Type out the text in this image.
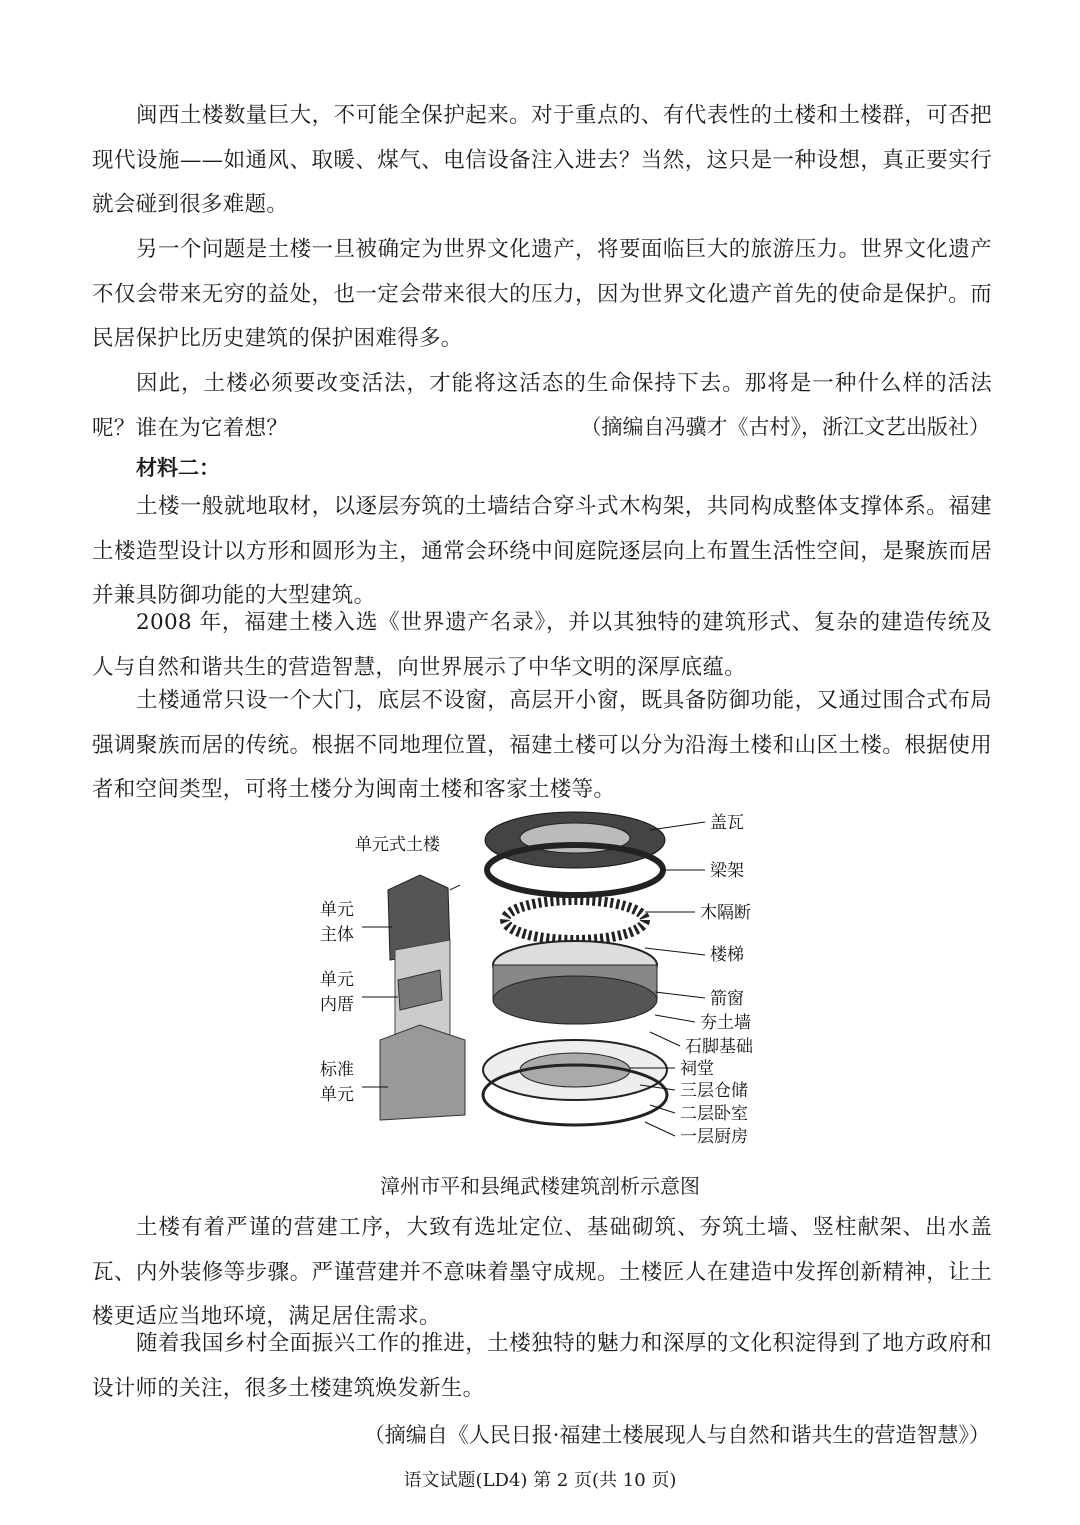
闽西土楼数量巨大，不可能全保护起来。对于重点的、有代表性的土楼和土楼群，可否把现代设施——如通风、取暖、煤气、电信设备注入进去？当然，这只是一种设想，真正要实行就会碰到很多难题。

另一个问题是土楼一旦被确定为世界文化遗产，将要面临巨大的旅游压力。世界文化遗产不仅会带来无穷的益处，也一定会带来很大的压力，因为世界文化遗产首先的使命是保护。而民居保护比历史建筑的保护困难得多。

因此，土楼必须要改变活法，才能将这活态的生命保持下去。那将是一种什么样的活法呢？谁在为它着想？	（摘编自冯骥才《古村》，浙江文艺出版社）

材料二：

土楼一般就地取材，以逐层夯筑的土墙结合穿斗式木构架，共同构成整体支撑体系。福建土楼造型设计以方形和圆形为主，通常会环绕中间庭院逐层向上布置生活性空间，是聚族而居并兼具防御功能的大型建筑。

2008 年，福建土楼入选《世界遗产名录》，并以其独特的建筑形式、复杂的建造传统及人与自然和谐共生的营造智慧，向世界展示了中华文明的深厚底蕴。

土楼通常只设一个大门，底层不设窗，高层开小窗，既具备防御功能，又通过围合式布局强调聚族而居的传统。根据不同地理位置，福建土楼可以分为沿海土楼和山区土楼。根据使用者和空间类型，可将土楼分为闽南土楼和客家土楼等。

单元式土楼
单元
主体
单元
内厝
标准
单元
盖瓦
梁架
木隔断
楼梯
箭窗
夯土墙
石脚基础
祠堂
三层仓储
二层卧室
一层厨房

漳州市平和县绳武楼建筑剖析示意图

土楼有着严谨的营建工序，大致有选址定位、基础砌筑、夯筑土墙、竖柱献架、出水盖瓦、内外装修等步骤。严谨营建并不意味着墨守成规。土楼匠人在建造中发挥创新精神，让土楼更适应当地环境，满足居住需求。

随着我国乡村全面振兴工作的推进，土楼独特的魅力和深厚的文化积淀得到了地方政府和设计师的关注，很多土楼建筑焕发新生。

（摘编自《人民日报·福建土楼展现人与自然和谐共生的营造智慧》）

语文试题(LD4) 第 2 页(共 10 页)
